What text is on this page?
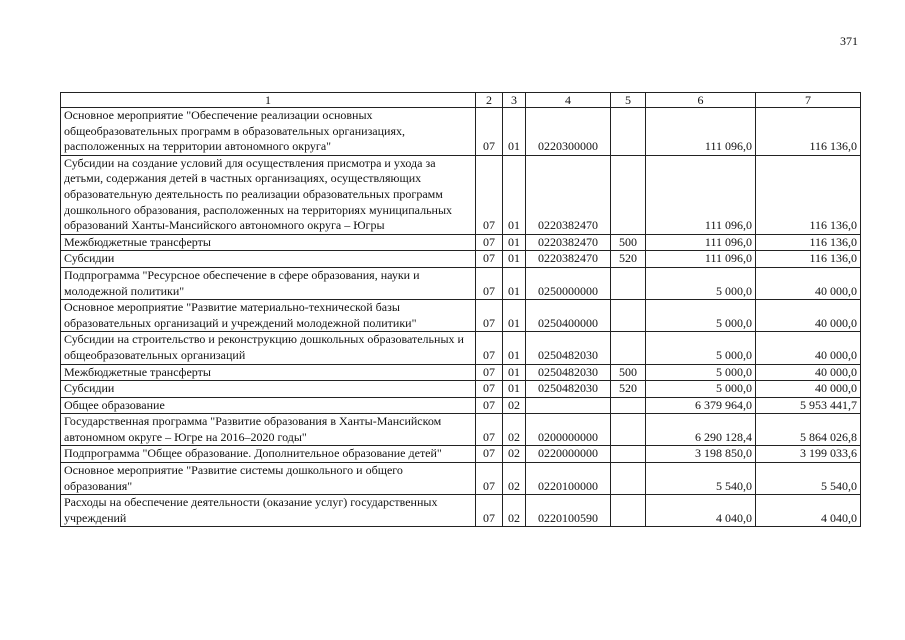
371
1	2	3	4	5	6	7
Основное мероприятие "Обеспечение реализации основных общеобразовательных программ в образовательных организациях, расположенных на территории автономного округа"	07	01	0220300000		111 096,0	116 136,0
Субсидии на создание условий для осуществления присмотра и ухода за детьми, содержания детей в частных организациях, осуществляющих образовательную деятельность по реализации образовательных программ дошкольного образования, расположенных на территориях муниципальных образований Ханты-Мансийского автономного округа – Югры	07	01	0220382470		111 096,0	116 136,0
Межбюджетные трансферты	07	01	0220382470	500	111 096,0	116 136,0
Субсидии	07	01	0220382470	520	111 096,0	116 136,0
Подпрограмма "Ресурсное обеспечение в сфере образования, науки и молодежной политики"	07	01	0250000000		5 000,0	40 000,0
Основное мероприятие "Развитие материально-технической базы образовательных организаций и учреждений молодежной политики"	07	01	0250400000		5 000,0	40 000,0
Субсидии на строительство и реконструкцию дошкольных образовательных и общеобразовательных организаций	07	01	0250482030		5 000,0	40 000,0
Межбюджетные трансферты	07	01	0250482030	500	5 000,0	40 000,0
Субсидии	07	01	0250482030	520	5 000,0	40 000,0
Общее образование	07	02			6 379 964,0	5 953 441,7
Государственная программа "Развитие образования в Ханты-Мансийском автономном округе – Югре на 2016–2020 годы"	07	02	0200000000		6 290 128,4	5 864 026,8
Подпрограмма "Общее образование. Дополнительное образование детей"	07	02	0220000000		3 198 850,0	3 199 033,6
Основное мероприятие "Развитие системы дошкольного и общего образования"	07	02	0220100000		5 540,0	5 540,0
Расходы на обеспечение деятельности (оказание услуг) государственных учреждений	07	02	0220100590		4 040,0	4 040,0
